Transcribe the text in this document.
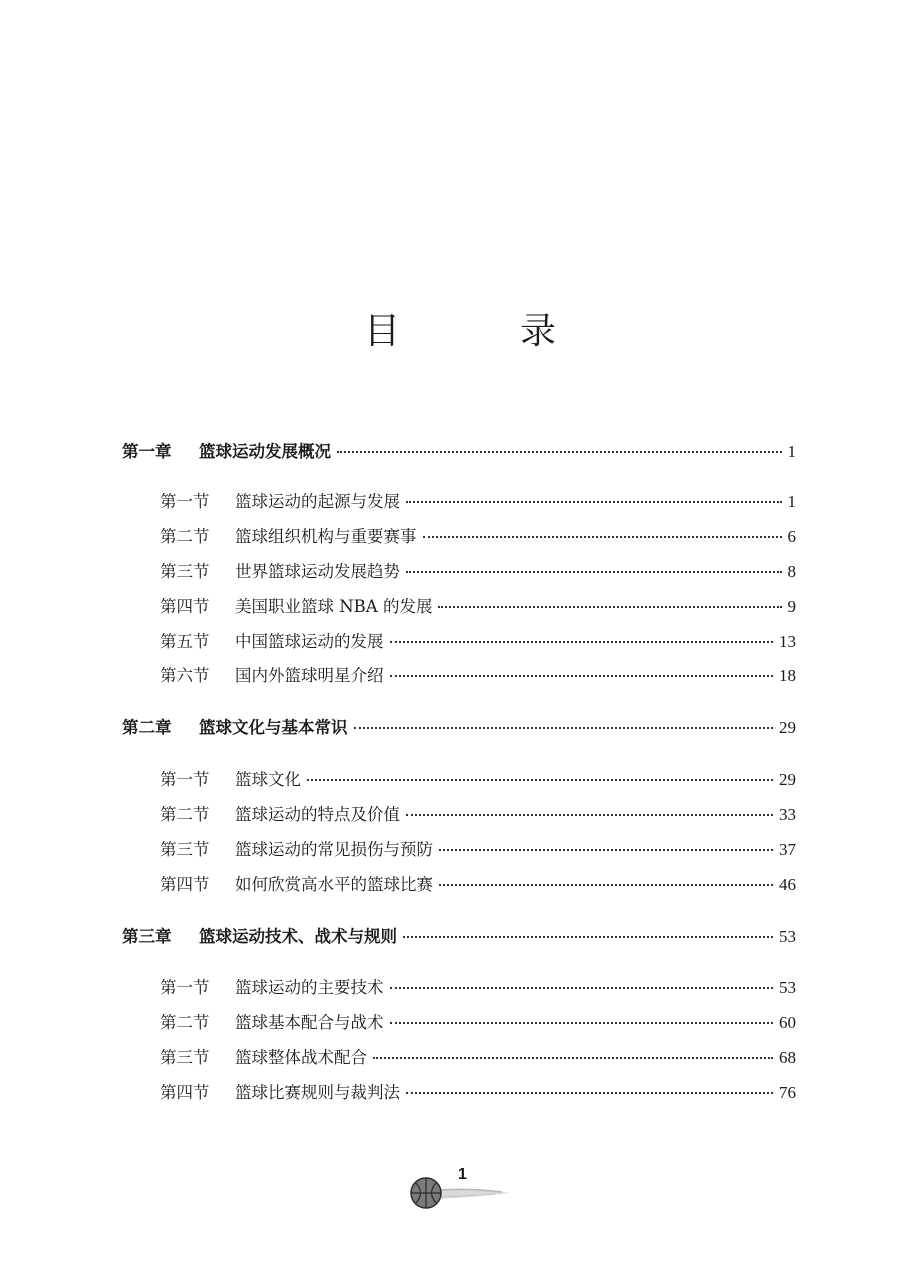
目	录
第一章	篮球运动发展概况	1
第一节	篮球运动的起源与发展	1
第二节	篮球组织机构与重要赛事	6
第三节	世界篮球运动发展趋势	8
第四节	美国职业篮球 NBA 的发展	9
第五节	中国篮球运动的发展	13
第六节	国内外篮球明星介绍	18
第二章	篮球文化与基本常识	29
第一节	篮球文化	29
第二节	篮球运动的特点及价值	33
第三节	篮球运动的常见损伤与预防	37
第四节	如何欣赏高水平的篮球比赛	46
第三章	篮球运动技术、战术与规则	53
第一节	篮球运动的主要技术	53
第二节	篮球基本配合与战术	60
第三节	篮球整体战术配合	68
第四节	篮球比赛规则与裁判法	76
1
